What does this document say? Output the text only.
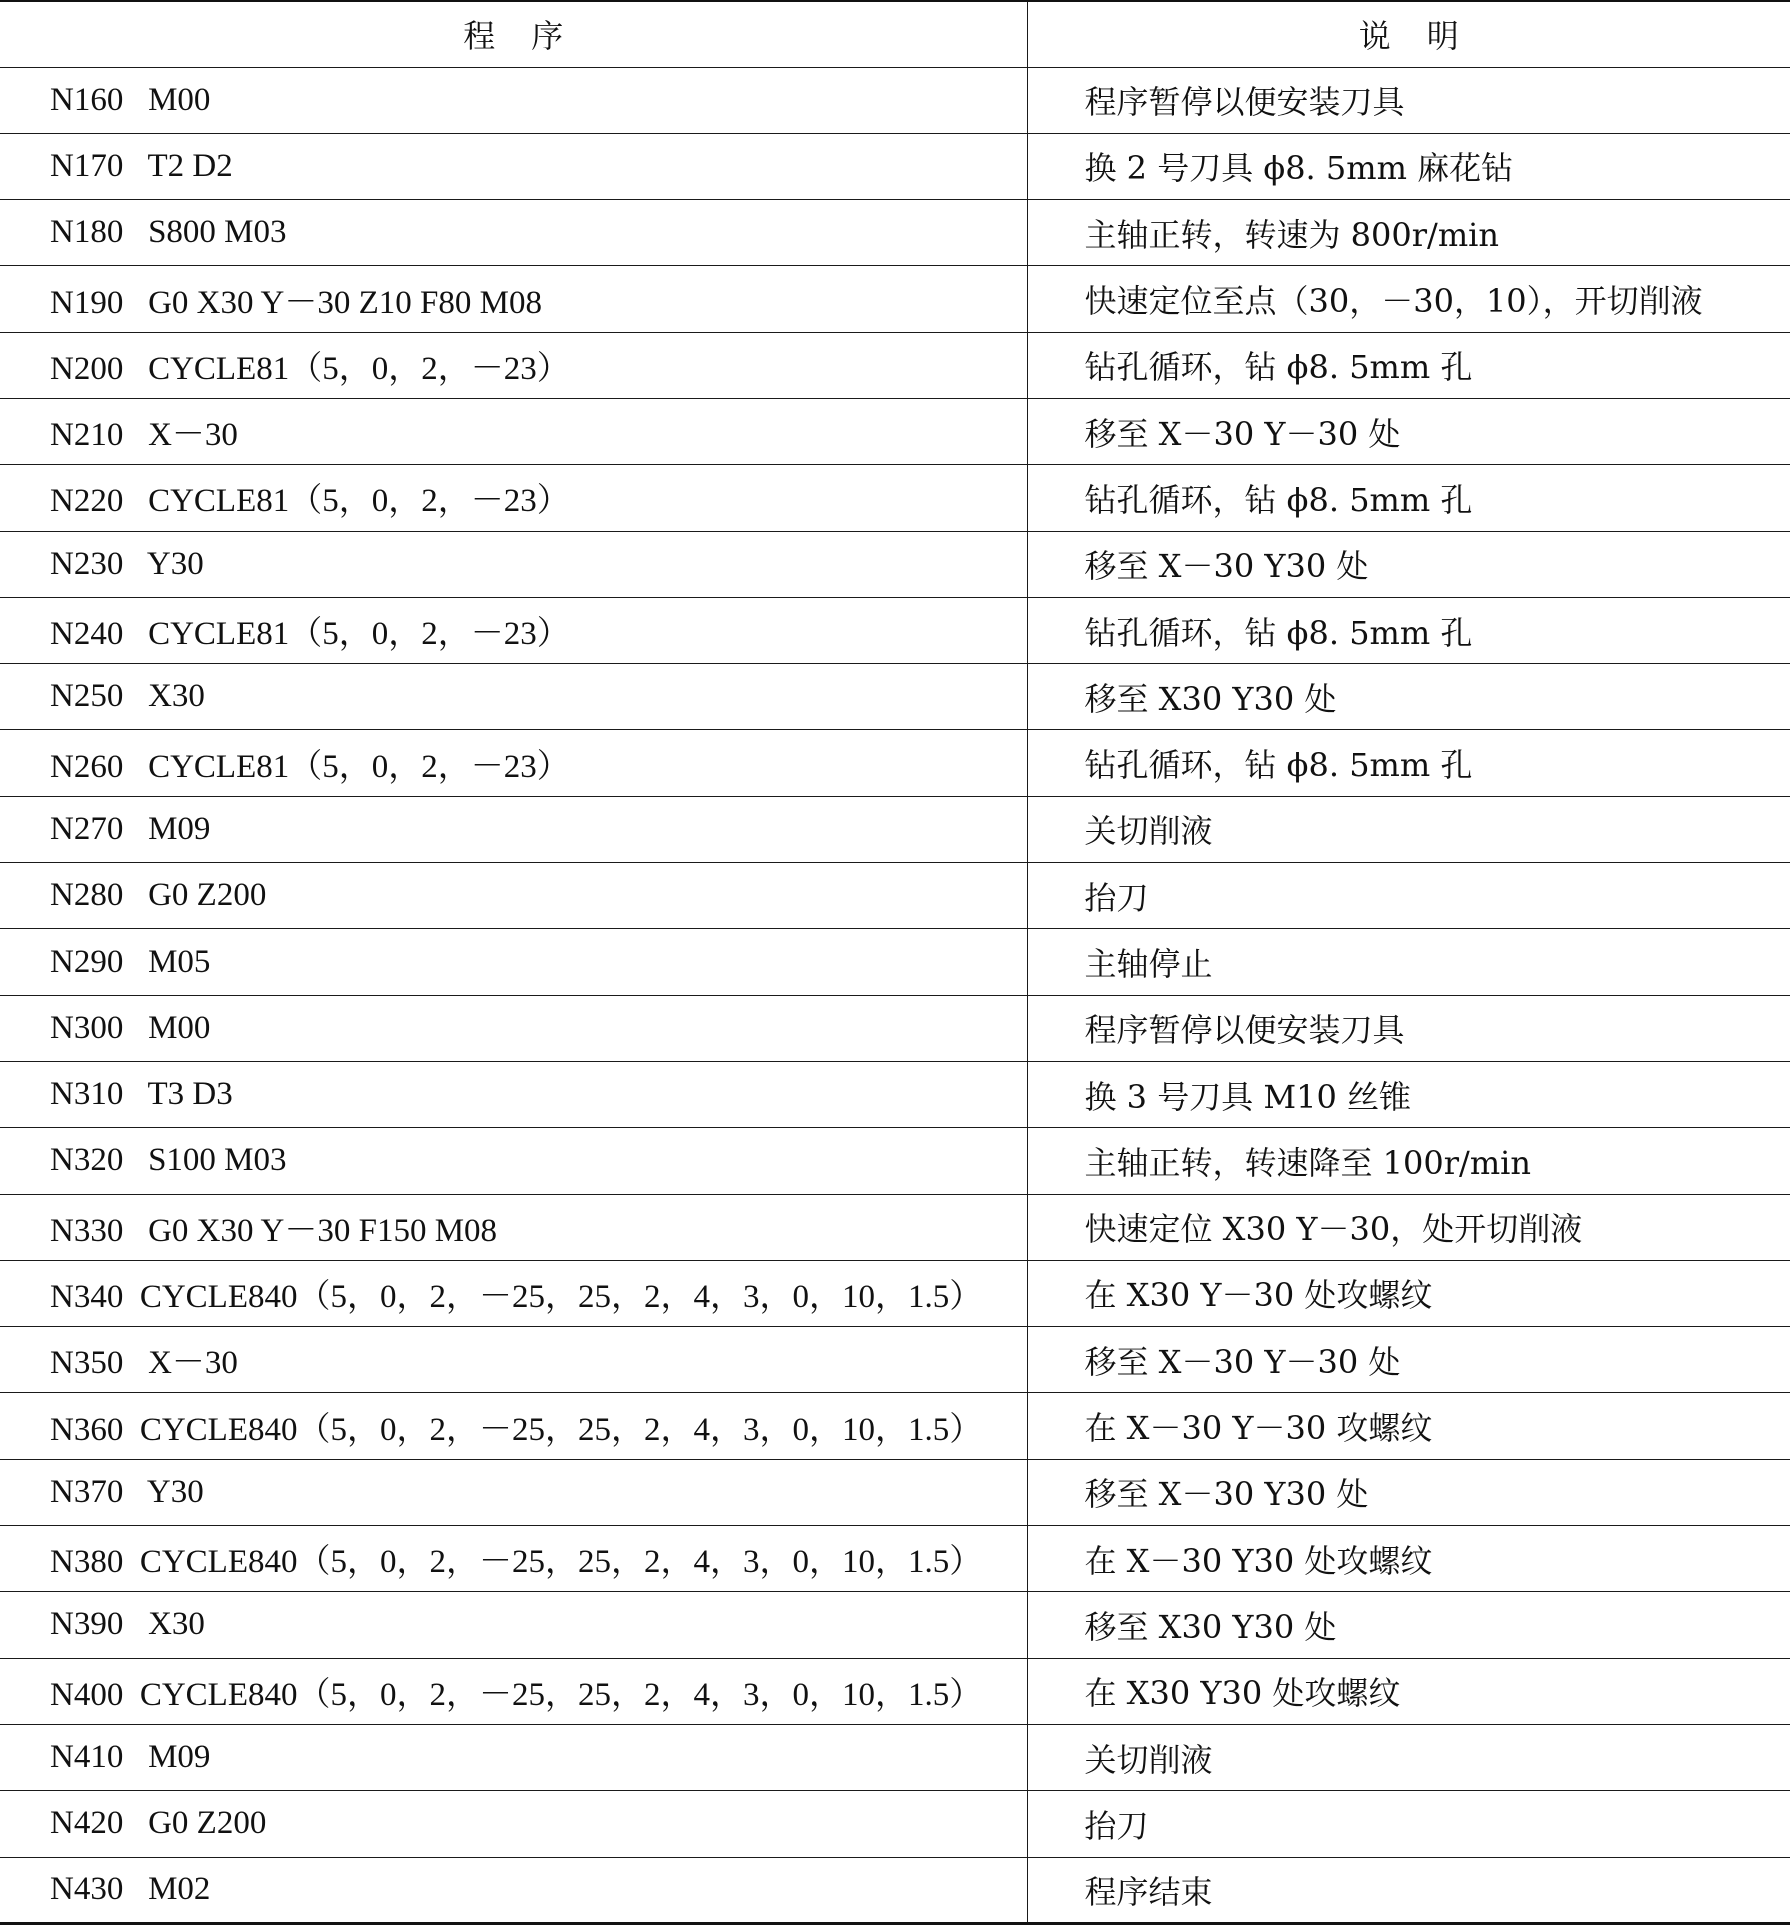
程序	说明
N160   M00	程序暂停以便安装刀具
N170   T2 D2	换 2 号刀具 ϕ8. 5mm 麻花钻
N180   S800 M03	主轴正转，转速为 800r/min
N190   G0 X30 Y－30 Z10 F80 M08	快速定位至点（30，－30，10），开切削液
N200   CYCLE81（5，0，2，－23）	钻孔循环，钻 ϕ8. 5mm 孔
N210   X－30	移至 X－30 Y－30 处
N220   CYCLE81（5，0，2，－23）	钻孔循环，钻 ϕ8. 5mm 孔
N230   Y30	移至 X－30 Y30 处
N240   CYCLE81（5，0，2，－23）	钻孔循环，钻 ϕ8. 5mm 孔
N250   X30	移至 X30 Y30 处
N260   CYCLE81（5，0，2，－23）	钻孔循环，钻 ϕ8. 5mm 孔
N270   M09	关切削液
N280   G0 Z200	抬刀
N290   M05	主轴停止
N300   M00	程序暂停以便安装刀具
N310   T3 D3	换 3 号刀具 M10 丝锥
N320   S100 M03	主轴正转，转速降至 100r/min
N330   G0 X30 Y－30 F150 M08	快速定位 X30 Y－30，处开切削液
N340  CYCLE840（5，0，2，－25，25，2，4，3，0，10，1.5）	在 X30 Y－30 处攻螺纹
N350   X－30	移至 X－30 Y－30 处
N360  CYCLE840（5，0，2，－25，25，2，4，3，0，10，1.5）	在 X－30 Y－30 攻螺纹
N370   Y30	移至 X－30 Y30 处
N380  CYCLE840（5，0，2，－25，25，2，4，3，0，10，1.5）	在 X－30 Y30 处攻螺纹
N390   X30	移至 X30 Y30 处
N400  CYCLE840（5，0，2，－25，25，2，4，3，0，10，1.5）	在 X30 Y30 处攻螺纹
N410   M09	关切削液
N420   G0 Z200	抬刀
N430   M02	程序结束
